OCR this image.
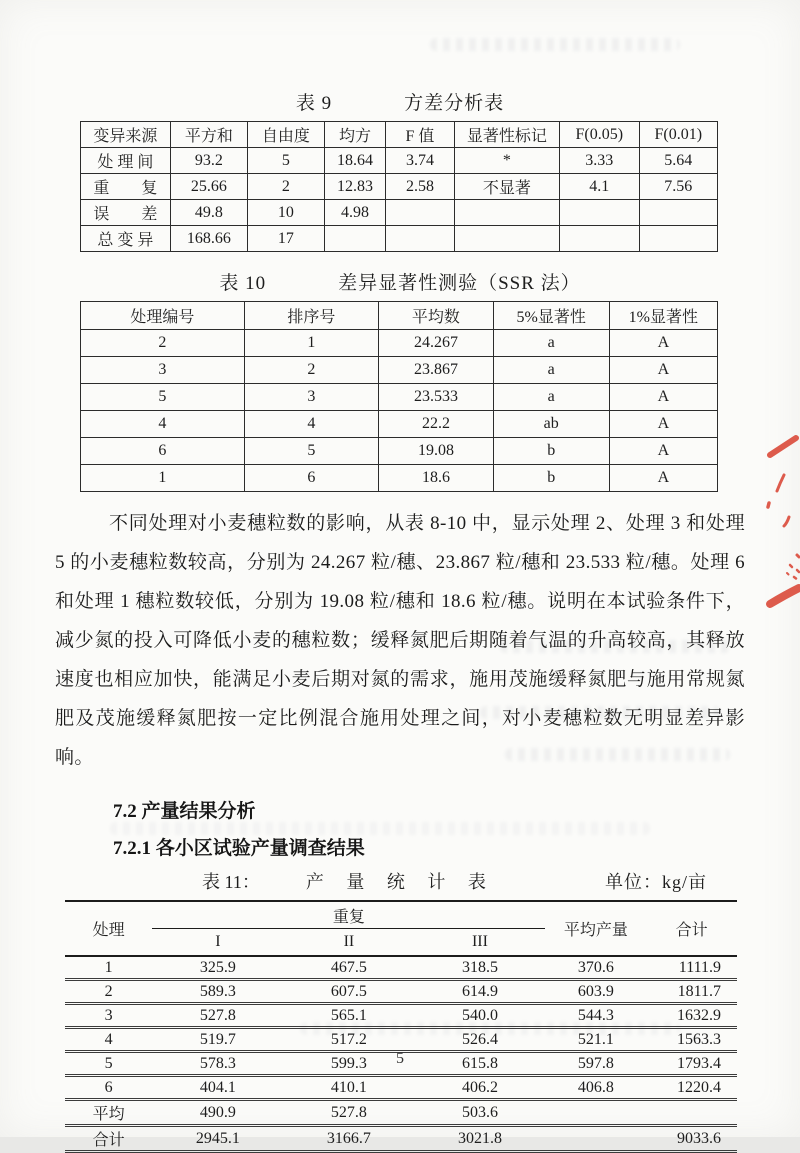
表 9	方差分析表
变异来源	平方和	自由度	均方	F 值	显著性标记	F(0.05)	F(0.01)
处 理 间	93.2	5	18.64	3.74	*	3.33	5.64
重　　复	25.66	2	12.83	2.58	不显著	4.1	7.56
误　　差	49.8	10	4.98				
总 变 异	168.66	17					
表 10	差异显著性测验（SSR 法）
处理编号	排序号	平均数	5%显著性	1%显著性
2	1	24.267	a	A
3	2	23.867	a	A
5	3	23.533	a	A
4	4	22.2	ab	A
6	5	19.08	b	A
1	6	18.6	b	A

不同处理对小麦穗粒数的影响，从表 8-10 中，显示处理 2、处理 3 和处理 5 的小麦穗粒数较高，分别为 24.267 粒/穗、23.867 粒/穗和 23.533 粒/穗。处理 6 和处理 1 穗粒数较低，分别为 19.08 粒/穗和 18.6 粒/穗。说明在本试验条件下，减少氮的投入可降低小麦的穗粒数；缓释氮肥后期随着气温的升高较高，其释放速度也相应加快，能满足小麦后期对氮的需求，施用茂施缓释氮肥与施用常规氮肥及茂施缓释氮肥按一定比例混合施用处理之间，对小麦穗粒数无明显差异影响。

7.2 产量结果分析
7.2.1 各小区试验产量调查结果
表 11：	产 量 统 计 表	单位：kg/亩
处理	重复			平均产量	合计
	I	II	III		
1	325.9	467.5	318.5	370.6	1111.9
2	589.3	607.5	614.9	603.9	1811.7
3	527.8	565.1	540.0	544.3	1632.9
4	519.7	517.2	526.4	521.1	1563.3
5	578.3	599.3	615.8	597.8	1793.4
6	404.1	410.1	406.2	406.8	1220.4
平均	490.9	527.8	503.6		
合计	2945.1	3166.7	3021.8		9033.6
5
